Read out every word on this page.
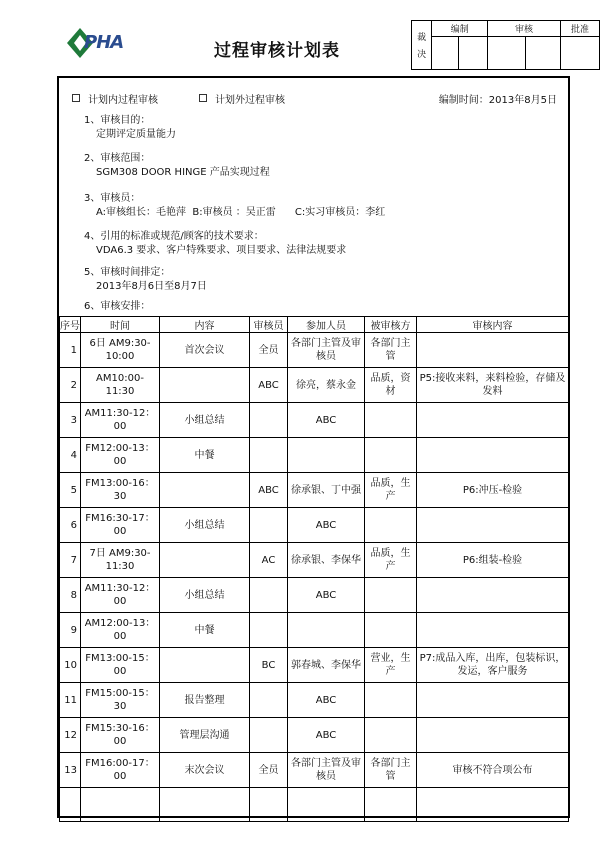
PHA	过程审核计划表
裁
决	编制		审核		批准

计划内过程审核	计划外过程审核	编制时间：2013年8月5日
1、审核目的：
定期评定质量能力
2、审核范围：
SGM308 DOOR HINGE 产品实现过程
3、审核员：
A:审核组长：毛艳萍  B:审核员 ：吴正雷      C:实习审核员：李红
4、引用的标准或规范/顾客的技术要求：
VDA6.3 要求、客户特殊要求、项目要求、法律法规要求
5、审核时间排定：
2013年8月6日至8月7日
6、审核安排：
序号	时间	内容	审核员	参加人员	被审核方	审核内容
1	6日 AM9:30-10:00	首次会议	全员	各部门主管及审核员	各部门主管	
2	AM10:00-11:30		ABC	徐亮，蔡永金	品质，资材	P5:接收来料，来料检验，存储及发料
3	AM11:30-12：00	小组总结		ABC		
4	FM12:00-13：00	中餐				
5	FM13:00-16：30		ABC	徐承银、丁中强	品质，生产	P6:冲压-检验
6	FM16:30-17：00	小组总结		ABC		
7	7日 AM9:30-11:30		AC	徐承银、李保华	品质，生产	P6:组装-检验
8	AM11:30-12：00	小组总结		ABC		
9	AM12:00-13：00	中餐				
10	FM13:00-15：00		BC	郭春城、李保华	营业，生产	P7:成品入库，出库，包装标识，发运，客户服务
11	FM15:00-15：30	报告整理		ABC		
12	FM15:30-16：00	管理层沟通		ABC		
13	FM16:00-17：00	末次会议	全员	各部门主管及审核员	各部门主管	审核不符合项公布
